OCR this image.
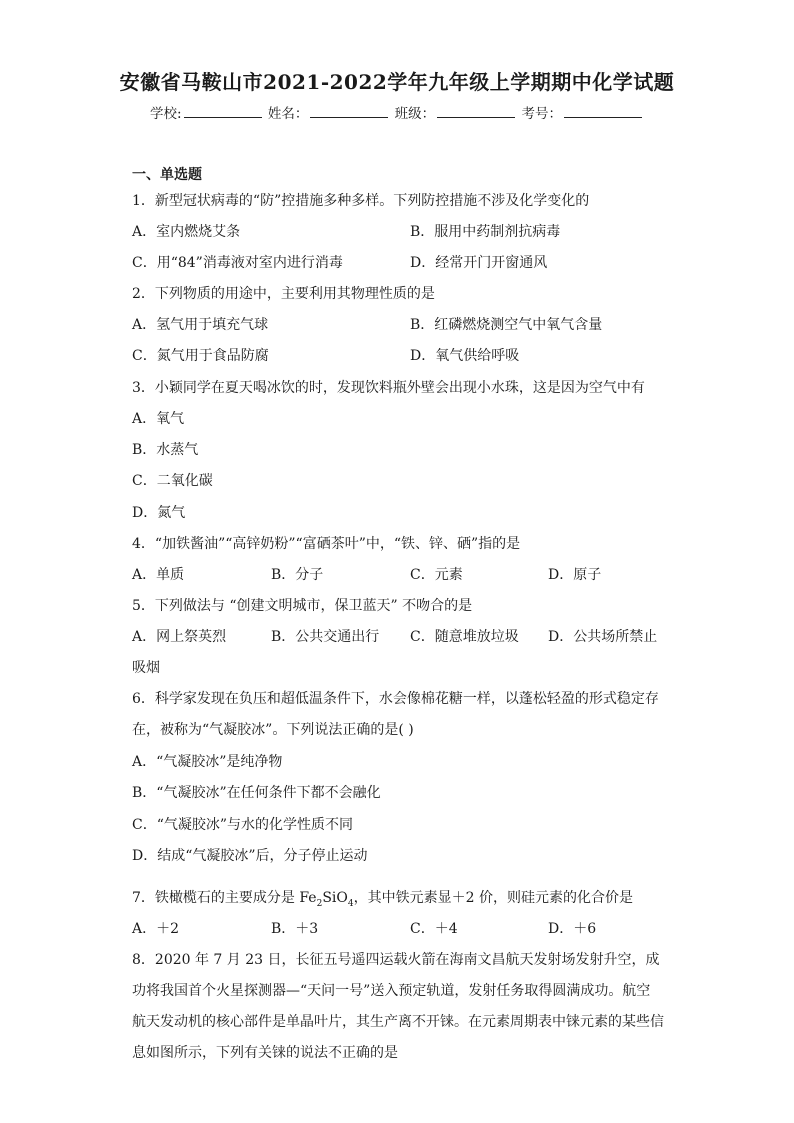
安徽省马鞍山市2021-2022学年九年级上学期期中化学试题
学校:	姓名：	班级：	考号：
一、单选题
1．新型冠状病毒的“防”控措施多种多样。下列防控措施不涉及化学变化的
A．室内燃烧艾条	B．服用中药制剂抗病毒
C．用“84”消毒液对室内进行消毒	D．经常开门开窗通风
2．下列物质的用途中，主要利用其物理性质的是
A．氢气用于填充气球	B．红磷燃烧测空气中氧气含量
C．氮气用于食品防腐	D．氧气供给呼吸
3．小颖同学在夏天喝冰饮的时，发现饮料瓶外壁会出现小水珠，这是因为空气中有
A．氧气
B．水蒸气
C．二氧化碳
D．氮气
4．“加铁酱油”“高锌奶粉”“富硒茶叶”中，“铁、锌、硒”指的是
A．单质	B．分子	C．元素	D．原子
5．下列做法与 “创建文明城市，保卫蓝天” 不吻合的是
A．网上祭英烈	B．公共交通出行 C．随意堆放垃圾 D．公共场所禁止
吸烟
6．科学家发现在负压和超低温条件下，水会像棉花糖一样，以蓬松轻盈的形式稳定存在，被称为“气凝胶冰”。下列说法正确的是( )
A．“气凝胶冰”是纯净物
B．“气凝胶冰”在任何条件下都不会融化
C．“气凝胶冰”与水的化学性质不同
D．结成“气凝胶冰”后，分子停止运动
7．铁橄榄石的主要成分是 $Fe_2SiO_4$，其中铁元素显＋2 价，则硅元素的化合价是
A．＋2	B．＋3	C．＋4	D．＋6
8．2020 年 7 月 23 日，长征五号遥四运载火箭在海南文昌航天发射场发射升空，成功将我国首个火星探测器—“天问一号”送入预定轨道，发射任务取得圆满成功。航空航天发动机的核心部件是单晶叶片，其生产离不开铼。在元素周期表中铼元素的某些信息如图所示，下列有关铼的说法不正确的是
